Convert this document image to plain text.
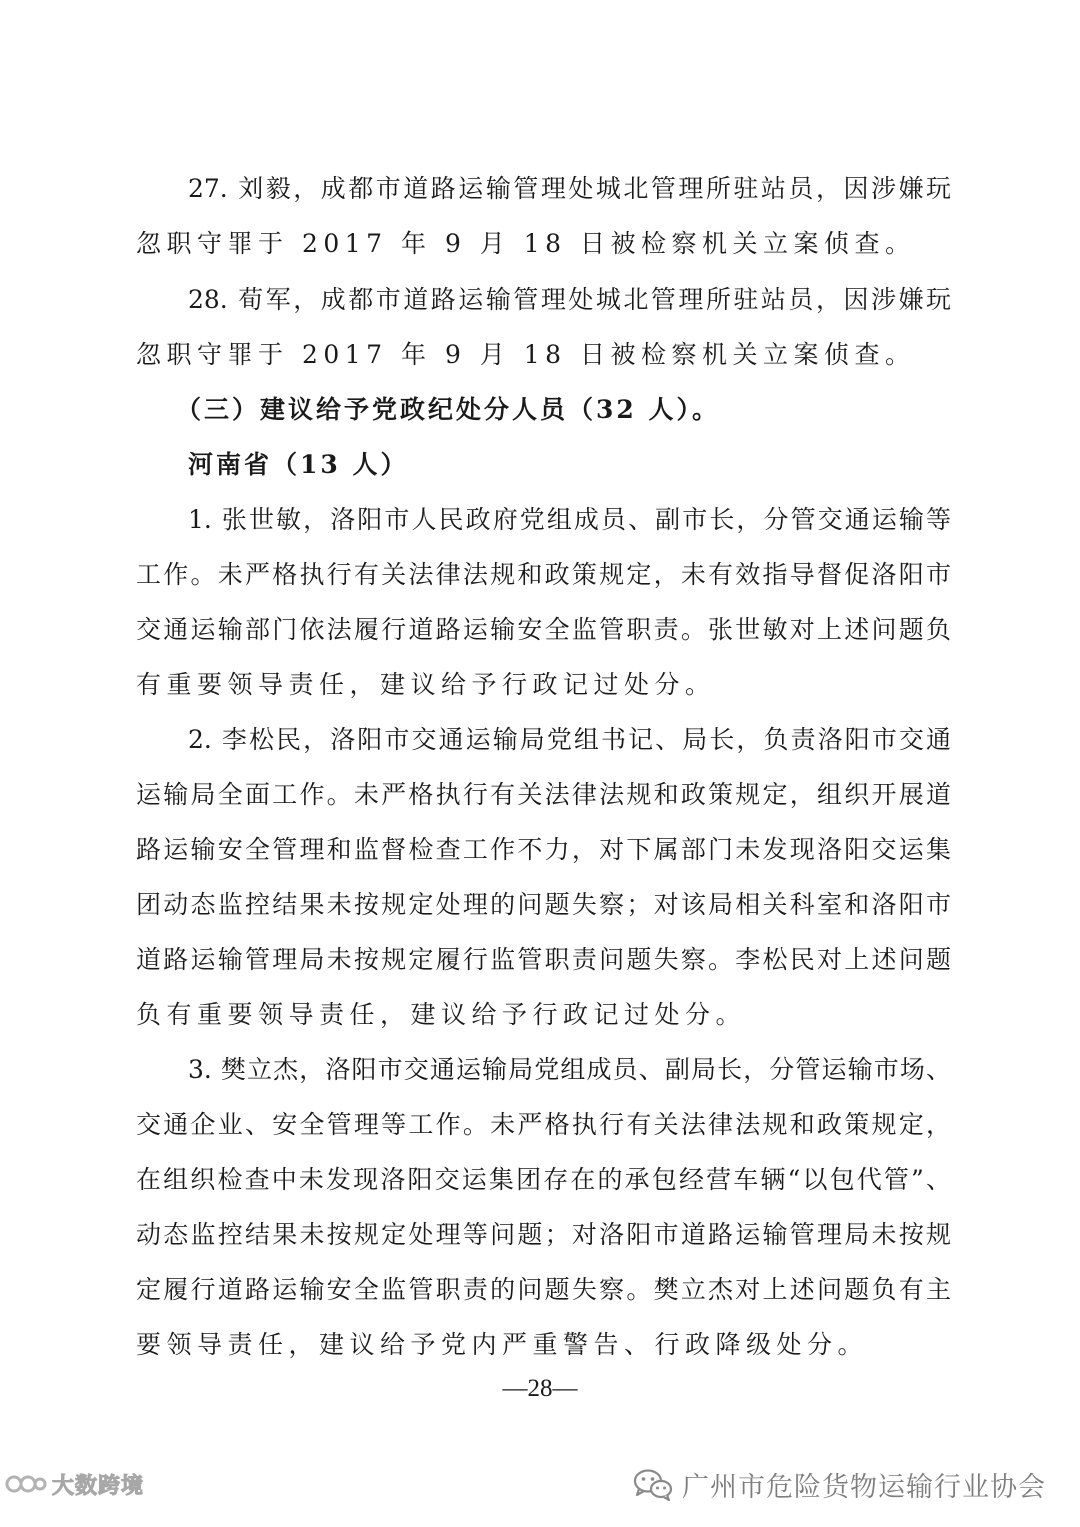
27. 刘毅，成都市道路运输管理处城北管理所驻站员，因涉嫌玩
忽职守罪于 2017 年 9 月 18 日被检察机关立案侦查。
28. 荀军，成都市道路运输管理处城北管理所驻站员，因涉嫌玩
忽职守罪于 2017 年 9 月 18 日被检察机关立案侦查。
（三）建议给予党政纪处分人员（32 人）。
河南省（13 人）
1. 张世敏，洛阳市人民政府党组成员、副市长，分管交通运输等
工作。未严格执行有关法律法规和政策规定，未有效指导督促洛阳市
交通运输部门依法履行道路运输安全监管职责。张世敏对上述问题负
有重要领导责任，建议给予行政记过处分。
2. 李松民，洛阳市交通运输局党组书记、局长，负责洛阳市交通
运输局全面工作。未严格执行有关法律法规和政策规定，组织开展道
路运输安全管理和监督检查工作不力，对下属部门未发现洛阳交运集
团动态监控结果未按规定处理的问题失察；对该局相关科室和洛阳市
道路运输管理局未按规定履行监管职责问题失察。李松民对上述问题
负有重要领导责任，建议给予行政记过处分。
3. 樊立杰，洛阳市交通运输局党组成员、副局长，分管运输市场、
交通企业、安全管理等工作。未严格执行有关法律法规和政策规定，
在组织检查中未发现洛阳交运集团存在的承包经营车辆“以包代管”、
动态监控结果未按规定处理等问题；对洛阳市道路运输管理局未按规
定履行道路运输安全监管职责的问题失察。樊立杰对上述问题负有主
要领导责任，建议给予党内严重警告、行政降级处分。
—28—
大数跨境	广州市危险货物运输行业协会
